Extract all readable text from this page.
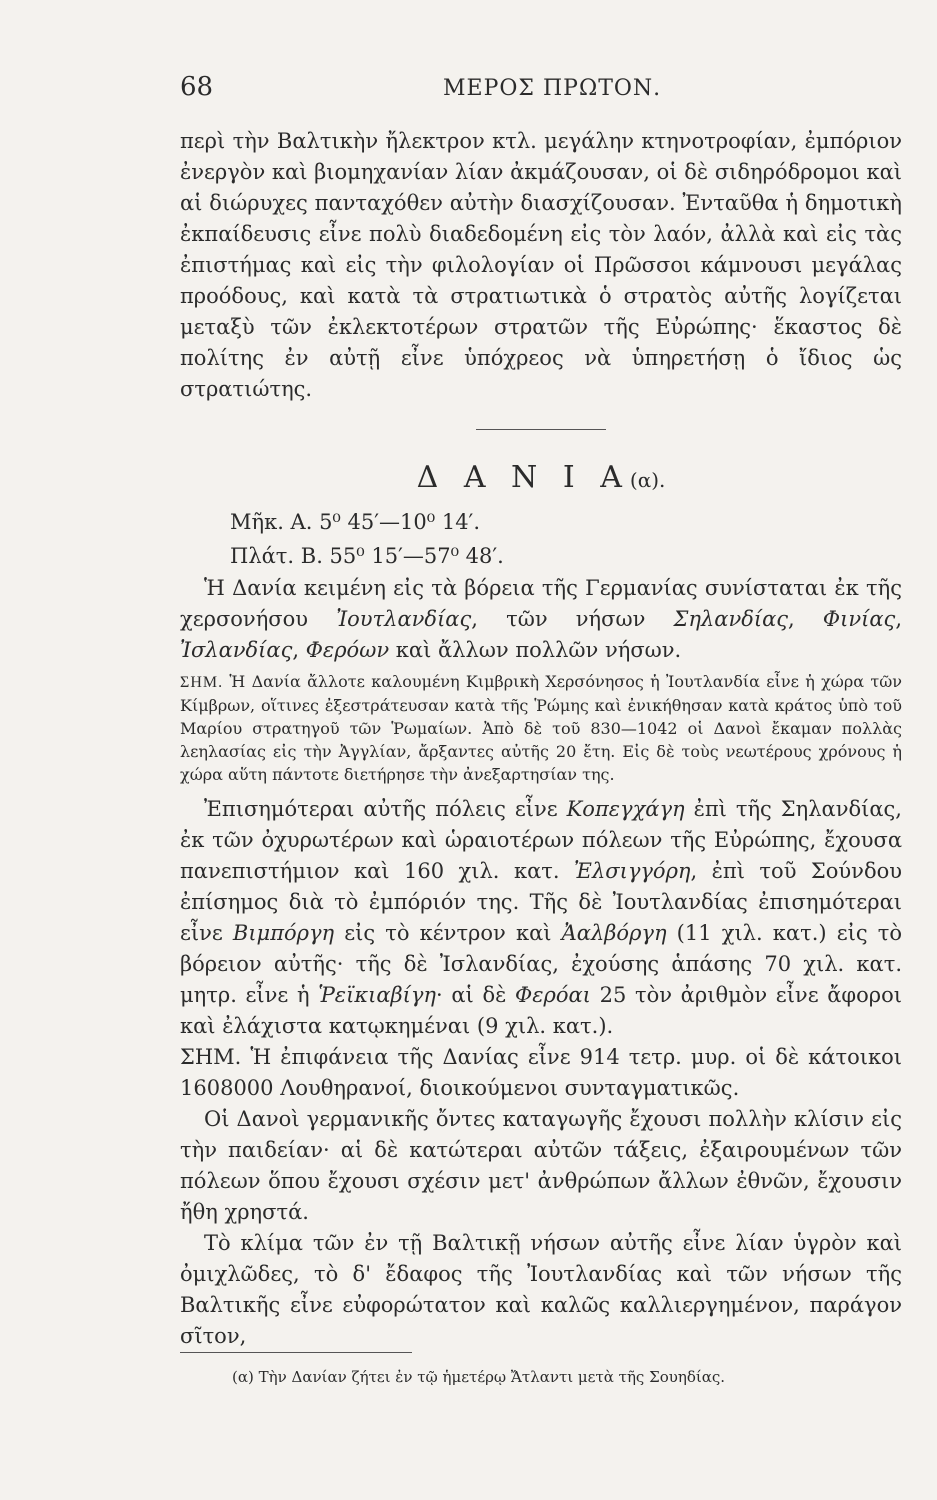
68	ΜΕΡΟΣ ΠΡΩΤΟΝ.

περὶ τὴν Βαλτικὴν ἤλεκτρον κτλ. μεγάλην κτηνοτροφίαν, ἐμπόριον ἐνεργὸν καὶ βιομηχανίαν λίαν ἀκμάζουσαν, οἱ δὲ σιδηρόδρομοι καὶ αἱ διώρυχες πανταχόθεν αὐτὴν διασχίζουσαν. Ἐνταῦθα ἡ δημοτικὴ ἐκπαίδευσις εἶνε πολὺ διαδεδομένη εἰς τὸν λαόν, ἀλλὰ καὶ εἰς τὰς ἐπιστήμας καὶ εἰς τὴν φιλολογίαν οἱ Πρῶσσοι κάμνουσι μεγάλας προόδους, καὶ κατὰ τὰ στρατιωτικὰ ὁ στρατὸς αὐτῆς λογίζεται μεταξὺ τῶν ἐκλεκτοτέρων στρατῶν τῆς Εὐρώπης· ἕκαστος δὲ πολίτης ἐν αὐτῇ εἶνε ὑπόχρεος νὰ ὑπηρετήσῃ ὁ ἴδιος ὡς στρατιώτης.

Δ Α Ν Ι Α(α).
Μῆκ. Α. 5⁰ 45′—10⁰ 14′.
Πλάτ. Β. 55⁰ 15′—57⁰ 48′.

Ἡ Δανία κειμένη εἰς τὰ βόρεια τῆς Γερμανίας συνίσταται ἐκ τῆς χερσονήσου Ἰουτλανδίας, τῶν νήσων Σηλανδίας, Φινίας, Ἰσλανδίας, Φερόων καὶ ἄλλων πολλῶν νήσων.

ΣΗΜ. Ἡ Δανία ἄλλοτε καλουμένη Κιμβρικὴ Χερσόνησος ἡ Ἰουτλανδία εἶνε ἡ χώρα τῶν Κίμβρων, οἵτινες ἐξεστράτευσαν κατὰ τῆς Ῥώμης καὶ ἐνικήθησαν κατὰ κράτος ὑπὸ τοῦ Μαρίου στρατηγοῦ τῶν Ῥωμαίων. Ἀπὸ δὲ τοῦ 830—1042 οἱ Δανοὶ ἔκαμαν πολλὰς λεηλασίας εἰς τὴν Ἀγγλίαν, ἄρξαντες αὐτῆς 20 ἔτη. Εἰς δὲ τοὺς νεωτέρους χρόνους ἡ χώρα αὕτη πάντοτε διετήρησε τὴν ἀνεξαρτησίαν της.

Ἐπισημότεραι αὐτῆς πόλεις εἶνε Κοπεγχάγη ἐπὶ τῆς Σηλανδίας, ἐκ τῶν ὀχυρωτέρων καὶ ὡραιοτέρων πόλεων τῆς Εὐρώπης, ἔχουσα πανεπιστήμιον καὶ 160 χιλ. κατ. Ἐλσιγγόρη, ἐπὶ τοῦ Σούνδου ἐπίσημος διὰ τὸ ἐμπόριόν της. Τῆς δὲ Ἰουτλανδίας ἐπισημότεραι εἶνε Βιμπόργη εἰς τὸ κέντρον καὶ Ἀαλβόργη (11 χιλ. κατ.) εἰς τὸ βόρειον αὐτῆς· τῆς δὲ Ἰσλανδίας, ἐχούσης ἁπάσης 70 χιλ. κατ. μητρ. εἶνε ἡ Ῥεϊκιαβίγη· αἱ δὲ Φερόαι 25 τὸν ἀριθμὸν εἶνε ἄφοροι καὶ ἐλάχιστα κατῳκημέναι (9 χιλ. κατ.).

ΣΗΜ. Ἡ ἐπιφάνεια τῆς Δανίας εἶνε 914 τετρ. μυρ. οἱ δὲ κάτοικοι 1608000 Λουθηρανοί, διοικούμενοι συνταγματικῶς.

Οἱ Δανοὶ γερμανικῆς ὄντες καταγωγῆς ἔχουσι πολλὴν κλίσιν εἰς τὴν παιδείαν· αἱ δὲ κατώτεραι αὐτῶν τάξεις, ἐξαιρουμένων τῶν πόλεων ὅπου ἔχουσι σχέσιν μετ' ἀνθρώπων ἄλλων ἐθνῶν, ἔχουσιν ἤθη χρηστά.

Τὸ κλίμα τῶν ἐν τῇ Βαλτικῇ νήσων αὐτῆς εἶνε λίαν ὑγρὸν καὶ ὀμιχλῶδες, τὸ δ' ἔδαφος τῆς Ἰουτλανδίας καὶ τῶν νήσων τῆς Βαλτικῆς εἶνε εὐφορώτατον καὶ καλῶς καλλιεργημένον, παράγον σῖτον,

(α) Τὴν Δανίαν ζήτει ἐν τῷ ἡμετέρῳ Ἄτλαντι μετὰ τῆς Σουηδίας.
